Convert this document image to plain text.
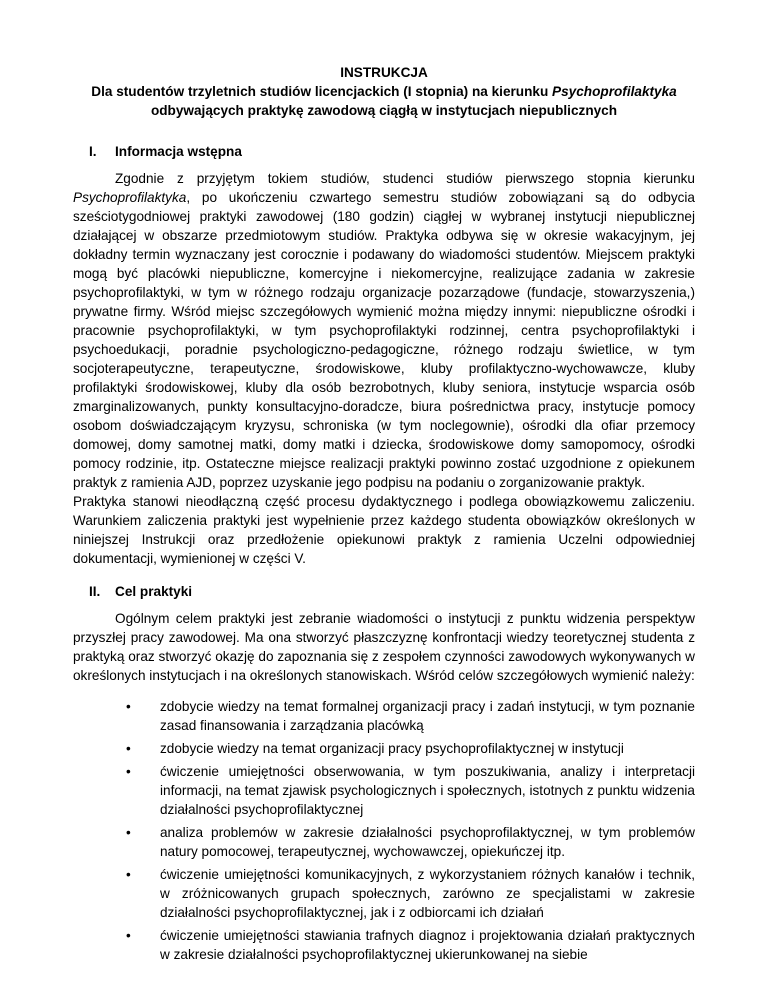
INSTRUKCJA

Dla studentów trzyletnich studiów licencjackich (I stopnia) na kierunku Psychoprofilaktyka

odbywających praktykę zawodową ciągłą w instytucjach niepublicznych

I.	Informacja wstępna

Zgodnie z przyjętym tokiem studiów, studenci studiów pierwszego stopnia kierunku Psychoprofilaktyka, po ukończeniu czwartego semestru studiów zobowiązani są do odbycia sześciotygodniowej praktyki zawodowej (180 godzin) ciągłej w wybranej instytucji niepublicznej działającej w obszarze przedmiotowym studiów. Praktyka odbywa się w okresie wakacyjnym, jej dokładny termin wyznaczany jest corocznie i podawany do wiadomości studentów. Miejscem praktyki mogą być placówki niepubliczne, komercyjne i niekomercyjne, realizujące zadania w zakresie psychoprofilaktyki, w tym w różnego rodzaju organizacje pozarządowe (fundacje, stowarzyszenia,) prywatne firmy. Wśród miejsc szczegółowych wymienić można między innymi: niepubliczne ośrodki i pracownie psychoprofilaktyki, w tym psychoprofilaktyki rodzinnej, centra psychoprofilaktyki i psychoedukacji, poradnie psychologiczno-pedagogiczne, różnego rodzaju świetlice, w tym socjoterapeutyczne, terapeutyczne, środowiskowe, kluby profilaktyczno-wychowawcze, kluby profilaktyki środowiskowej, kluby dla osób bezrobotnych, kluby seniora, instytucje wsparcia osób zmarginalizowanych, punkty konsultacyjno-doradcze, biura pośrednictwa pracy, instytucje pomocy osobom doświadczającym kryzysu, schroniska (w tym noclegownie), ośrodki dla ofiar przemocy domowej, domy samotnej matki, domy matki i dziecka, środowiskowe domy samopomocy, ośrodki pomocy rodzinie, itp. Ostateczne miejsce realizacji praktyki powinno zostać uzgodnione z opiekunem praktyk z ramienia AJD, poprzez uzyskanie jego podpisu na podaniu o zorganizowanie praktyk.

Praktyka stanowi nieodłączną część procesu dydaktycznego i podlega obowiązkowemu zaliczeniu. Warunkiem zaliczenia praktyki jest wypełnienie przez każdego studenta obowiązków określonych w niniejszej Instrukcji oraz przedłożenie opiekunowi praktyk z ramienia Uczelni odpowiedniej dokumentacji, wymienionej w części V.

II.	Cel praktyki

Ogólnym celem praktyki jest zebranie wiadomości o instytucji z punktu widzenia perspektyw przyszłej pracy zawodowej. Ma ona stworzyć płaszczyznę konfrontacji wiedzy teoretycznej studenta z praktyką oraz stworzyć okazję do zapoznania się z zespołem czynności zawodowych wykonywanych w określonych instytucjach i na określonych stanowiskach. Wśród celów szczegółowych wymienić należy:

• zdobycie wiedzy na temat formalnej organizacji pracy i zadań instytucji, w tym poznanie zasad finansowania i zarządzania placówką
• zdobycie wiedzy na temat organizacji pracy psychoprofilaktycznej w instytucji
• ćwiczenie umiejętności obserwowania, w tym poszukiwania, analizy i interpretacji informacji, na temat zjawisk psychologicznych i społecznych, istotnych z punktu widzenia działalności psychoprofilaktycznej
• analiza problemów w zakresie działalności psychoprofilaktycznej, w tym problemów natury pomocowej, terapeutycznej, wychowawczej, opiekuńczej itp.
• ćwiczenie umiejętności komunikacyjnych, z wykorzystaniem różnych kanałów i technik, w zróżnicowanych grupach społecznych, zarówno ze specjalistami w zakresie działalności psychoprofilaktycznej, jak i z odbiorcami ich działań
• ćwiczenie umiejętności stawiania trafnych diagnoz i projektowania działań praktycznych w zakresie działalności psychoprofilaktycznej ukierunkowanej na siebie
